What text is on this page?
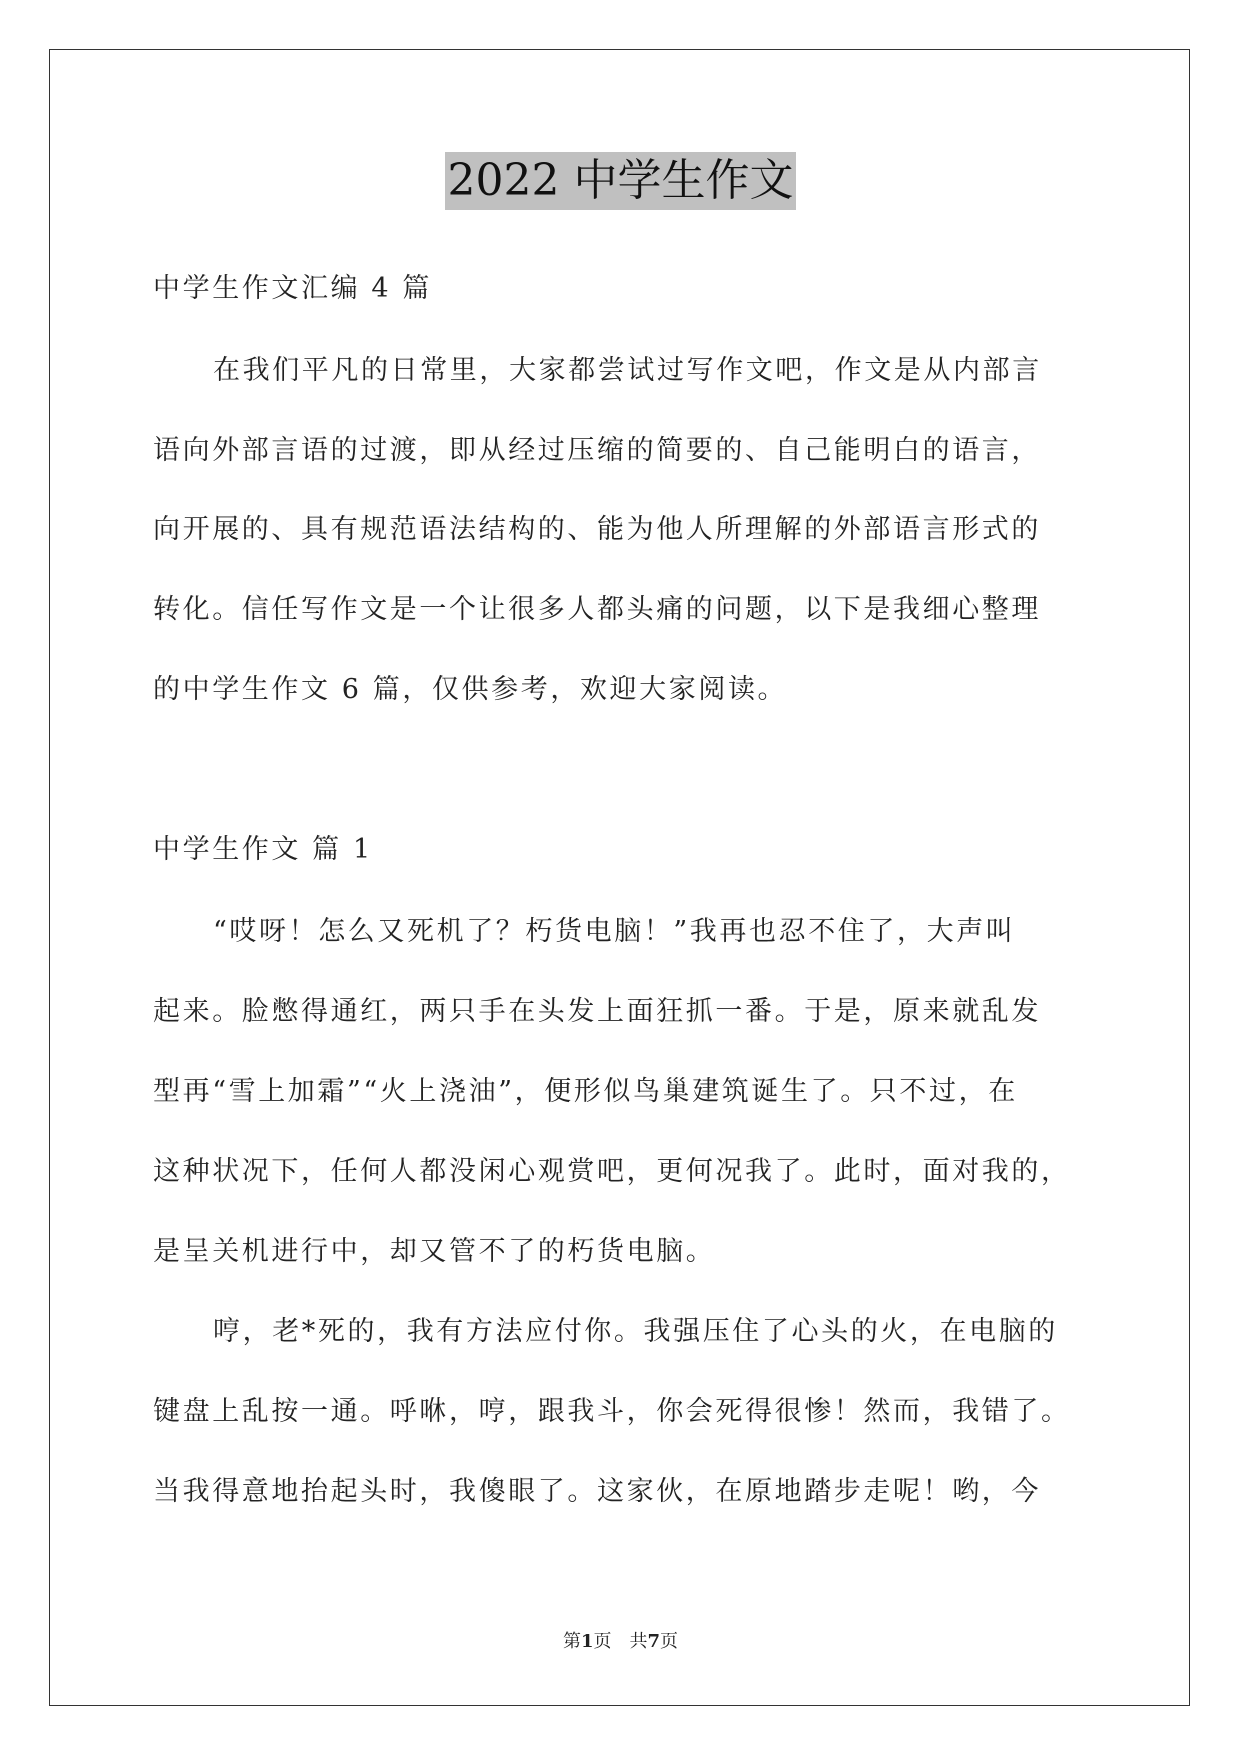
2022 中学生作文
中学生作文汇编 4 篇
在我们平凡的日常里，大家都尝试过写作文吧，作文是从内部言
语向外部言语的过渡，即从经过压缩的简要的、自己能明白的语言，
向开展的、具有规范语法结构的、能为他人所理解的外部语言形式的
转化。信任写作文是一个让很多人都头痛的问题，以下是我细心整理
的中学生作文 6 篇，仅供参考，欢迎大家阅读。
中学生作文 篇 1
“哎呀！怎么又死机了？朽货电脑！”我再也忍不住了，大声叫
起来。脸憋得通红，两只手在头发上面狂抓一番。于是，原来就乱发
型再“雪上加霜”“火上浇油”，便形似鸟巢建筑诞生了。只不过，在
这种状况下，任何人都没闲心观赏吧，更何况我了。此时，面对我的，
是呈关机进行中，却又管不了的朽货电脑。
哼，老*死的，我有方法应付你。我强压住了心头的火，在电脑的
键盘上乱按一通。呼咻，哼，跟我斗，你会死得很惨！然而，我错了。
当我得意地抬起头时，我傻眼了。这家伙，在原地踏步走呢！哟，今
第1页　共7页
